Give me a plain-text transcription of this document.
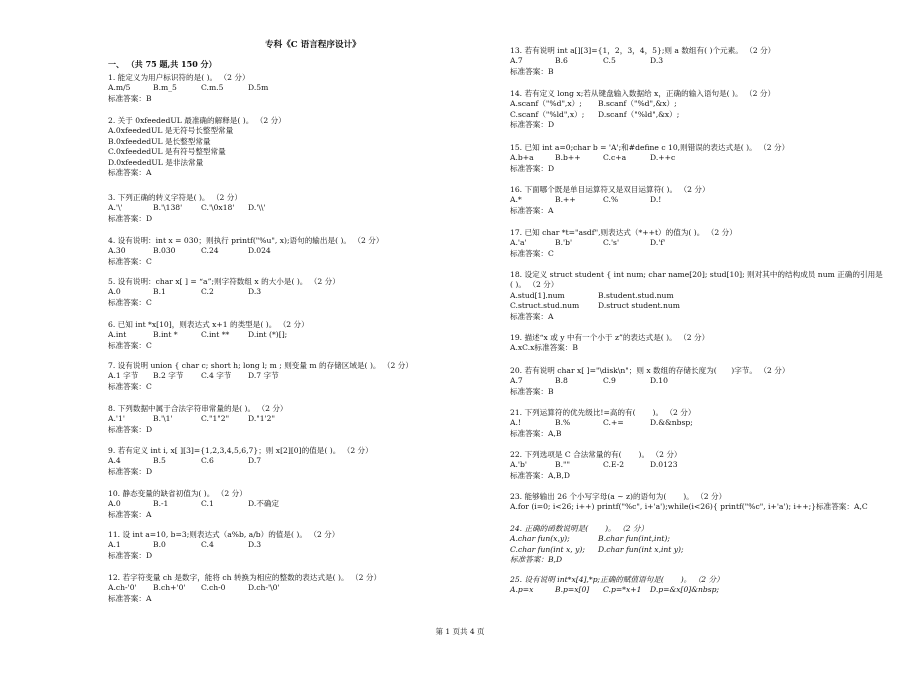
专科《C 语言程序设计》
一、 （共 75 题,共 150 分）
1. 能定义为用户标识符的是( )。 （2 分）
A.m/5	B.m_5	C.m.5	D.5m
标准答案：B
2. 关于 0xfeededUL 最准确的解释是( )。 （2 分）
A.0xfeededUL 是无符号长整型常量
B.0xfeededUL 是长整型常量
C.0xfeededUL 是有符号整型常量
D.0xfeededUL 是非法常量
标准答案：A
3. 下列正确的转义字符是( )。 （2 分）
A.'\'	B.'\138'	C.'\0x18'	D.'\\'
标准答案：D
4. 设有说明：int x = 030；则执行 printf("%u", x);语句的输出是( )。 （2 分）
A.30	B.030	C.24	D.024
标准答案：C
5. 设有说明：char x[ ] = “a”;则字符数组 x 的大小是( )。 （2 分）
A.0	B.1	C.2	D.3
标准答案：C
6. 已知 int *x[10]，则表达式 x+1 的类型是( )。 （2 分）
A.int	B.int *	C.int **	D.int (*)[];
标准答案：C
7. 设有说明 union { char c; short h; long l; m ; 则变量 m 的存储区域是( )。 （2 分）
A.1 字节	B.2 字节	C.4 字节	D.7 字节
标准答案：C
8. 下列数据中属于合法字符串常量的是( )。 （2 分）
A.'1'	B.'\1'	C."1"2"	D."1'2"
标准答案：D
9. 若有定义 int i, x[ ][3]={1,2,3,4,5,6,7}；则 x[2][0]的值是( )。 （2 分）
A.4	B.5	C.6	D.7
标准答案：D
10. 静态变量的缺省初值为( )。 （2 分）
A.0	B.-1	C.1	D.不确定
标准答案：A
11. 设 int a=10, b=3;则表达式（a%b, a/b）的值是( )。 （2 分）
A.1	B.0	C.4	D.3
标准答案：D
12. 若字符变量 ch 是数字，能将 ch 转换为相应的整数的表达式是( )。 （2 分）
A.ch-'0'	B.ch+'0'	C.ch-0	D.ch-'\0'
标准答案：A
13. 若有说明 int a[][3]={1，2，3，4，5};则 a 数组有( )个元素。 （2 分）
A.7	B.6	C.5	D.3
标准答案：B
14. 若有定义 long x;若从键盘输入数据给 x，正确的输入语句是( )。 （2 分）
A.scanf（"%d",x）;	B.scanf（"%d",&x）;
C.scanf（"%ld",x）;	D.scanf（"%ld",&x）;
标准答案：D
15. 已知 int a=0;char b = 'A';和#define c 10,则错误的表达式是( )。 （2 分）
A.b+a	B.b++	C.c+a	D.++c
标准答案：D
16. 下面哪个既是单目运算符又是双目运算符( )。 （2 分）
A.*	B.++	C.%	D.!
标准答案：A
17. 已知 char *t="asdf",则表达式（*++t）的值为( )。 （2 分）
A.'a'	B.'b'	C.'s'	D.'f'
标准答案：C
18. 设定义 struct student { int num; char name[20]; stud[10]; 则对其中的结构成员 num 正确的引用是
( )。 （2 分）
A.stud[1].num	B.student.stud.num
C.struct.stud.num	D.struct student.num
标准答案：A
19. 描述“x 或 y 中有一个小于 z”的表达式是( )。 （2 分）
A.xC.x标准答案：B
20. 若有说明 char x[ ]="\disk\n"；则 x 数组的存储长度为(      )字节。 （2 分）
A.7	B.8	C.9	D.10
标准答案：B
21. 下列运算符的优先级比!=高的有(       )。 （2 分）
A.!	B.%	C.+=	D.&&nbsp;
标准答案：A,B
22. 下列选项是 C 合法常量的有(       )。 （2 分）
A.'b'	B.""	C.E-2	D.0123
标准答案：A,B,D
23. 能够输出 26 个小写字母(a ~ z)的语句为(       )。 （2 分）
A.for (i=0; i<26; i++) printf("%c", i+'a');while(i<26){ printf("%c", i+'a'); i++;}标准答案：A,C
24. 正确的函数说明是(       )。 （2 分）
A.char fun(x,y);	B.char fun(int,int);
C.char fun(int x, y);	D.char fun(int x,int y);
标准答案：B,D
25. 设有说明 int*x[4],*p;正确的赋值语句是(       )。 （2 分）
A.p=x	B.p=x[0]	C.p=*x+1	D.p=&x[0]&nbsp;
第 1 页共 4 页
